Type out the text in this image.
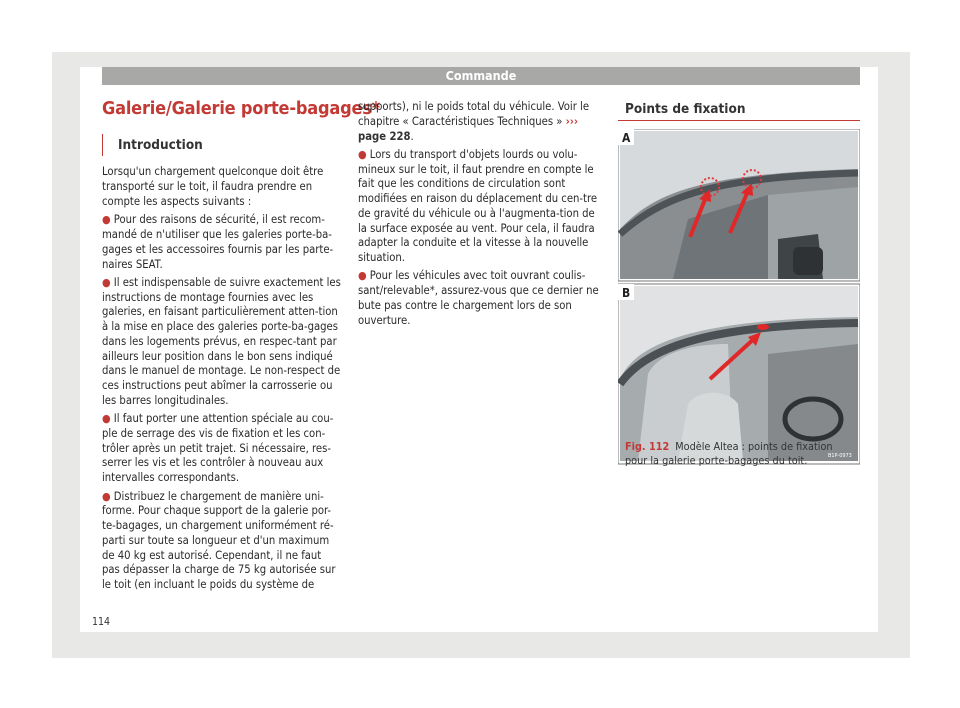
Commande
Galerie/Galerie porte-bagages*
Introduction

Lorsqu'un chargement quelconque doit être transporté sur le toit, il faudra prendre en compte les aspects suivants :

● Pour des raisons de sécurité, il est recom-mandé de n'utiliser que les galeries porte-ba-gages et les accessoires fournis par les parte-naires SEAT.

● Il est indispensable de suivre exactement les instructions de montage fournies avec les galeries, en faisant particulièrement atten-tion à la mise en place des galeries porte-ba-gages dans les logements prévus, en respec-tant par ailleurs leur position dans le bon sens indiqué dans le manuel de montage. Le non-respect de ces instructions peut abîmer la carrosserie ou les barres longitudinales.

● Il faut porter une attention spéciale au cou-ple de serrage des vis de fixation et les con-trôler après un petit trajet. Si nécessaire, res-serrer les vis et les contrôler à nouveau aux intervalles correspondants.

● Distribuez le chargement de manière uni-forme. Pour chaque support de la galerie por-te-bagages, un chargement uniformément ré-parti sur toute sa longueur et d'un maximum de 40 kg est autorisé. Cependant, il ne faut pas dépasser la charge de 75 kg autorisée sur le toit (en incluant le poids du système de

supports), ni le poids total du véhicule. Voir le chapitre « Caractéristiques Techniques » ››› page 228.

● Lors du transport d'objets lourds ou volu-mineux sur le toit, il faut prendre en compte le fait que les conditions de circulation sont modifiées en raison du déplacement du cen-tre de gravité du véhicule ou à l'augmenta-tion de la surface exposée au vent. Pour cela, il faudra adapter la conduite et la vitesse à la nouvelle situation.

● Pour les véhicules avec toit ouvrant coulis-sant/relevable*, assurez-vous que ce dernier ne bute pas contre le chargement lors de son ouverture.

Points de fixation
A
B
B1P-0973
Fig. 112 Modèle Altea : points de fixation pour la galerie porte-bagages du toit.
114
